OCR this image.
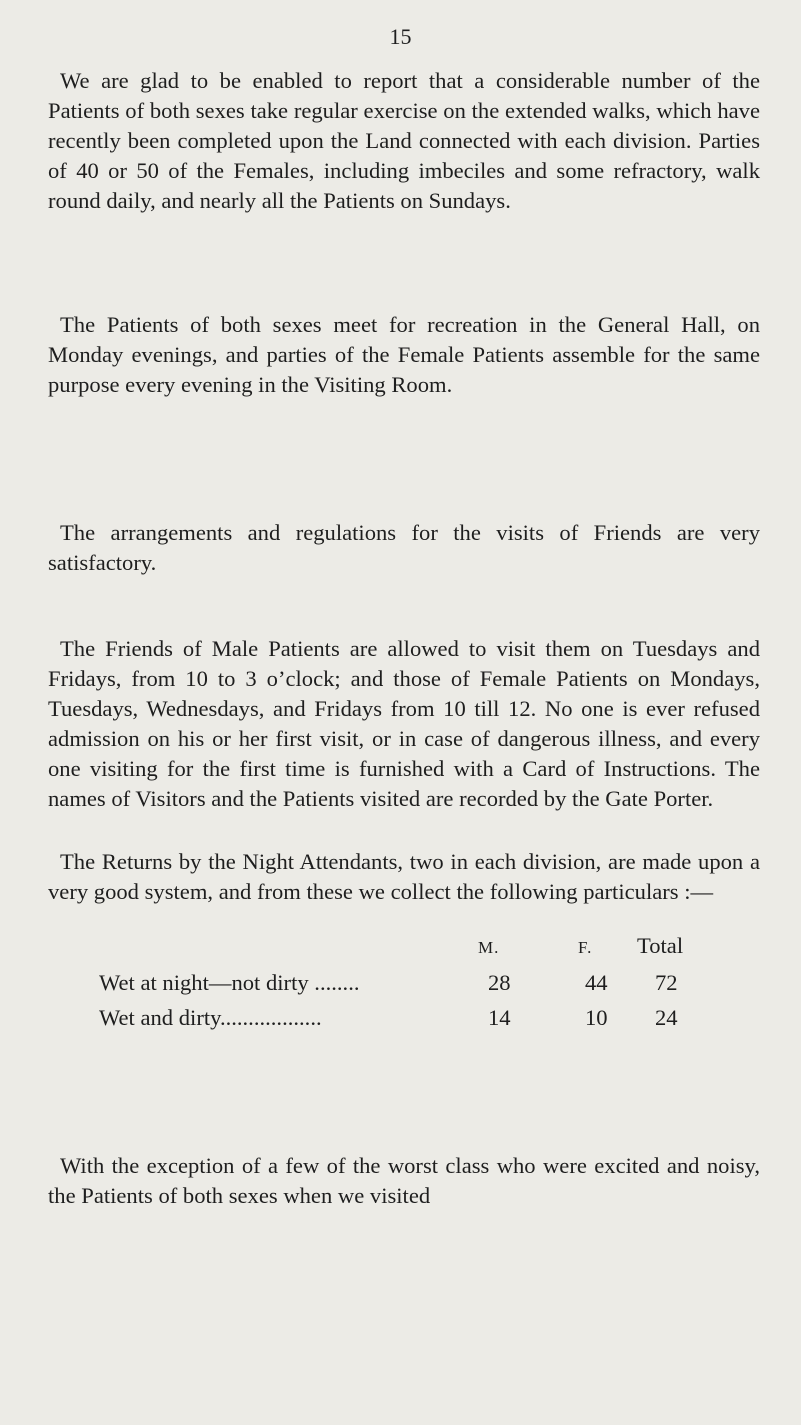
15

We are glad to be enabled to report that a considerable number of the Patients of both sexes take regular exercise on the extended walks, which have recently been completed upon the Land connected with each division. Parties of 40 or 50 of the Females, including imbeciles and some refractory, walk round daily, and nearly all the Patients on Sundays.

The Patients of both sexes meet for recreation in the General Hall, on Monday evenings, and parties of the Female Patients assemble for the same purpose every evening in the Visiting Room.

The arrangements and regulations for the visits of Friends are very satisfactory.

The Friends of Male Patients are allowed to visit them on Tuesdays and Fridays, from 10 to 3 o’clock; and those of Female Patients on Mondays, Tuesdays, Wednesdays, and Fridays from 10 till 12. No one is ever refused admission on his or her first visit, or in case of dangerous illness, and every one visiting for the first time is furnished with a Card of Instructions. The names of Visitors and the Patients visited are recorded by the Gate Porter.

The Returns by the Night Attendants, two in each division, are made upon a very good system, and from these we collect the following particulars :—

M.	F. Total
Wet at night—not dirty ........	28	44 72
Wet and dirty..................	14	10 24

With the exception of a few of the worst class who were excited and noisy, the Patients of both sexes when we visited
